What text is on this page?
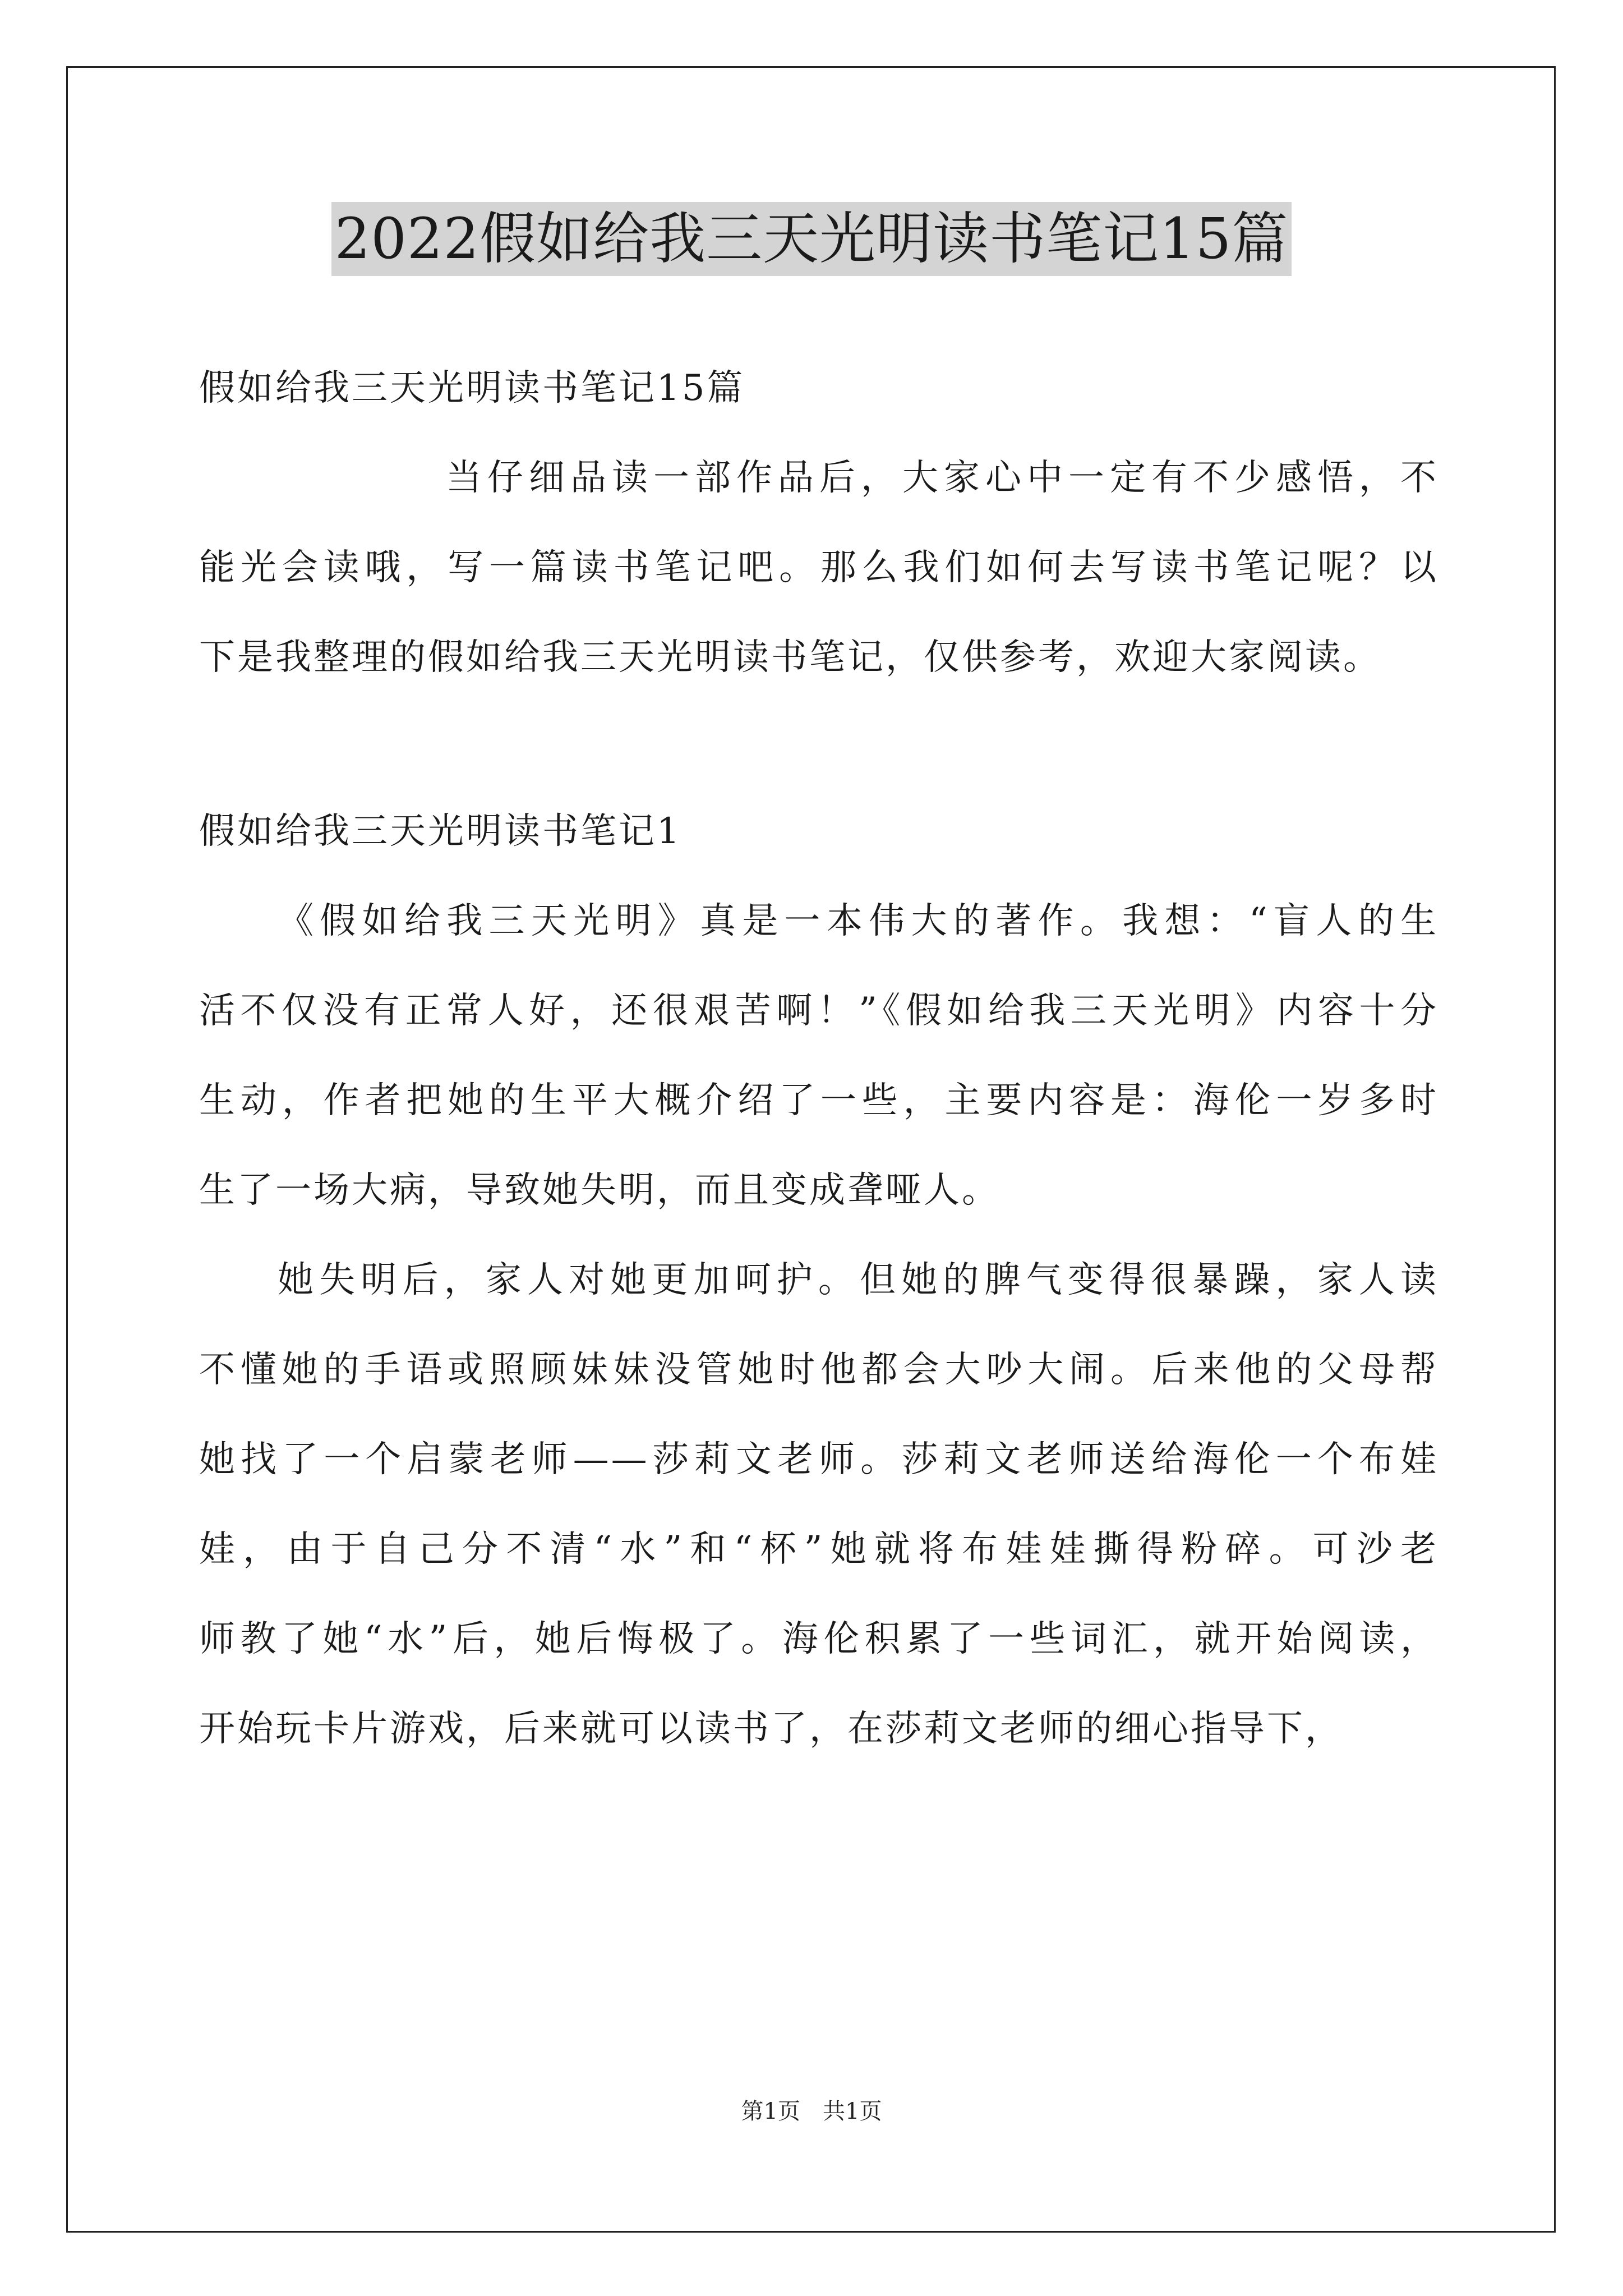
2022假如给我三天光明读书笔记15篇

假如给我三天光明读书笔记15篇

当仔细品读一部作品后，大家心中一定有不少感悟，不

能光会读哦，写一篇读书笔记吧。那么我们如何去写读书笔记呢？以

下是我整理的假如给我三天光明读书笔记，仅供参考，欢迎大家阅读。

假如给我三天光明读书笔记1

《假如给我三天光明》真是一本伟大的著作。我想：“盲人的生

活不仅没有正常人好，还很艰苦啊！”《假如给我三天光明》内容十分

生动，作者把她的生平大概介绍了一些，主要内容是：海伦一岁多时

生了一场大病，导致她失明，而且变成聋哑人。

她失明后，家人对她更加呵护。但她的脾气变得很暴躁，家人读

不懂她的手语或照顾妹妹没管她时他都会大吵大闹。后来他的父母帮

她找了一个启蒙老师——莎莉文老师。莎莉文老师送给海伦一个布娃

娃，由于自己分不清“水”和“杯”她就将布娃娃撕得粉碎。可沙老

师教了她“水”后，她后悔极了。海伦积累了一些词汇，就开始阅读，

开始玩卡片游戏，后来就可以读书了，在莎莉文老师的细心指导下，

第1页　共1页
